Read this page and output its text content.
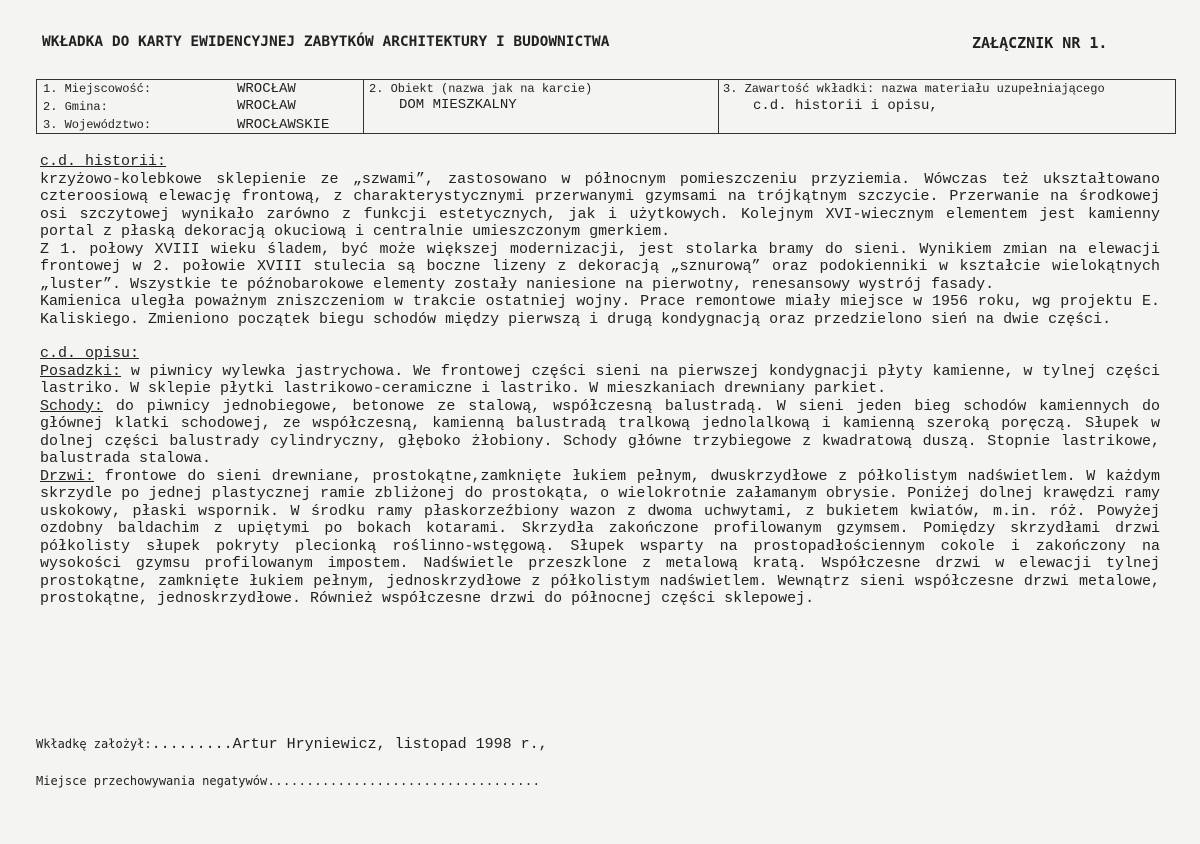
WKŁADKA DO KARTY EWIDENCYJNEJ ZABYTKÓW ARCHITEKTURY I BUDOWNICTWA	ZAŁĄCZNIK NR 1.
1. Miejscowość:	WROCŁAW
2. Gmina:	WROCŁAW
3. Województwo:	WROCŁAWSKIE
2. Obiekt (nazwa jak na karcie)
DOM MIESZKALNY
3. Zawartość wkładki: nazwa materiału uzupełniającego
c.d. historii i opisu,
c.d. historii:

krzyżowo-kolebkowe sklepienie ze „szwami”, zastosowano w północnym pomieszczeniu przyziemia. Wówczas też ukształtowano czteroosiową elewację frontową, z charakterystycznymi przerwanymi gzymsami na trójkątnym szczycie. Przerwanie na środkowej osi szczytowej wynikało zarówno z funkcji estetycznych, jak i użytkowych. Kolejnym XVI-wiecznym elementem jest kamienny portal z płaską dekoracją okuciową i centralnie umieszczonym gmerkiem.

Z 1. połowy XVIII wieku śladem, być może większej modernizacji, jest stolarka bramy do sieni. Wynikiem zmian na elewacji frontowej w 2. połowie XVIII stulecia są boczne lizeny z dekoracją „sznurową” oraz podokienniki w kształcie wielokątnych „luster”. Wszystkie te późnobarokowe elementy zostały naniesione na pierwotny, renesansowy wystrój fasady.

Kamienica uległa poważnym zniszczeniom w trakcie ostatniej wojny. Prace remontowe miały miejsce w 1956 roku, wg projektu E. Kaliskiego. Zmieniono początek biegu schodów między pierwszą i drugą kondygnacją oraz przedzielono sień na dwie części.

c.d. opisu:

Posadzki: w piwnicy wylewka jastrychowa. We frontowej części sieni na pierwszej kondygnacji płyty kamienne, w tylnej części lastriko. W sklepie płytki lastrikowo-ceramiczne i lastriko. W mieszkaniach drewniany parkiet.

Schody: do piwnicy jednobiegowe, betonowe ze stalową, współczesną balustradą. W sieni jeden bieg schodów kamiennych do głównej klatki schodowej, ze współczesną, kamienną balustradą tralkową jednolalkową i kamienną szeroką poręczą. Słupek w dolnej części balustrady cylindryczny, głęboko żłobiony. Schody główne trzybiegowe z kwadratową duszą. Stopnie lastrikowe, balustrada stalowa.

Drzwi: frontowe do sieni drewniane, prostokątne,zamknięte łukiem pełnym, dwuskrzydłowe z półkolistym nadświetlem. W każdym skrzydle po jednej plastycznej ramie zbliżonej do prostokąta, o wielokrotnie załamanym obrysie. Poniżej dolnej krawędzi ramy uskokowy, płaski wspornik. W środku ramy płaskorzeźbiony wazon z dwoma uchwytami, z bukietem kwiatów, m.in. róż. Powyżej ozdobny baldachim z upiętymi po bokach kotarami. Skrzydła zakończone profilowanym gzymsem. Pomiędzy skrzydłami drzwi półkolisty słupek pokryty plecionką roślinno-wstęgową. Słupek wsparty na prostopadłościennym cokole i zakończony na wysokości gzymsu profilowanym impostem. Nadświetle przeszklone z metalową kratą. Współczesne drzwi w elewacji tylnej prostokątne, zamknięte łukiem pełnym, jednoskrzydłowe z półkolistym nadświetlem. Wewnątrz sieni współczesne drzwi metalowe, prostokątne, jednoskrzydłowe. Również współczesne drzwi do północnej części sklepowej.

Wkładkę założył:.........Artur Hryniewicz, listopad 1998 r.,
Miejsce przechowywania negatywów...................................
